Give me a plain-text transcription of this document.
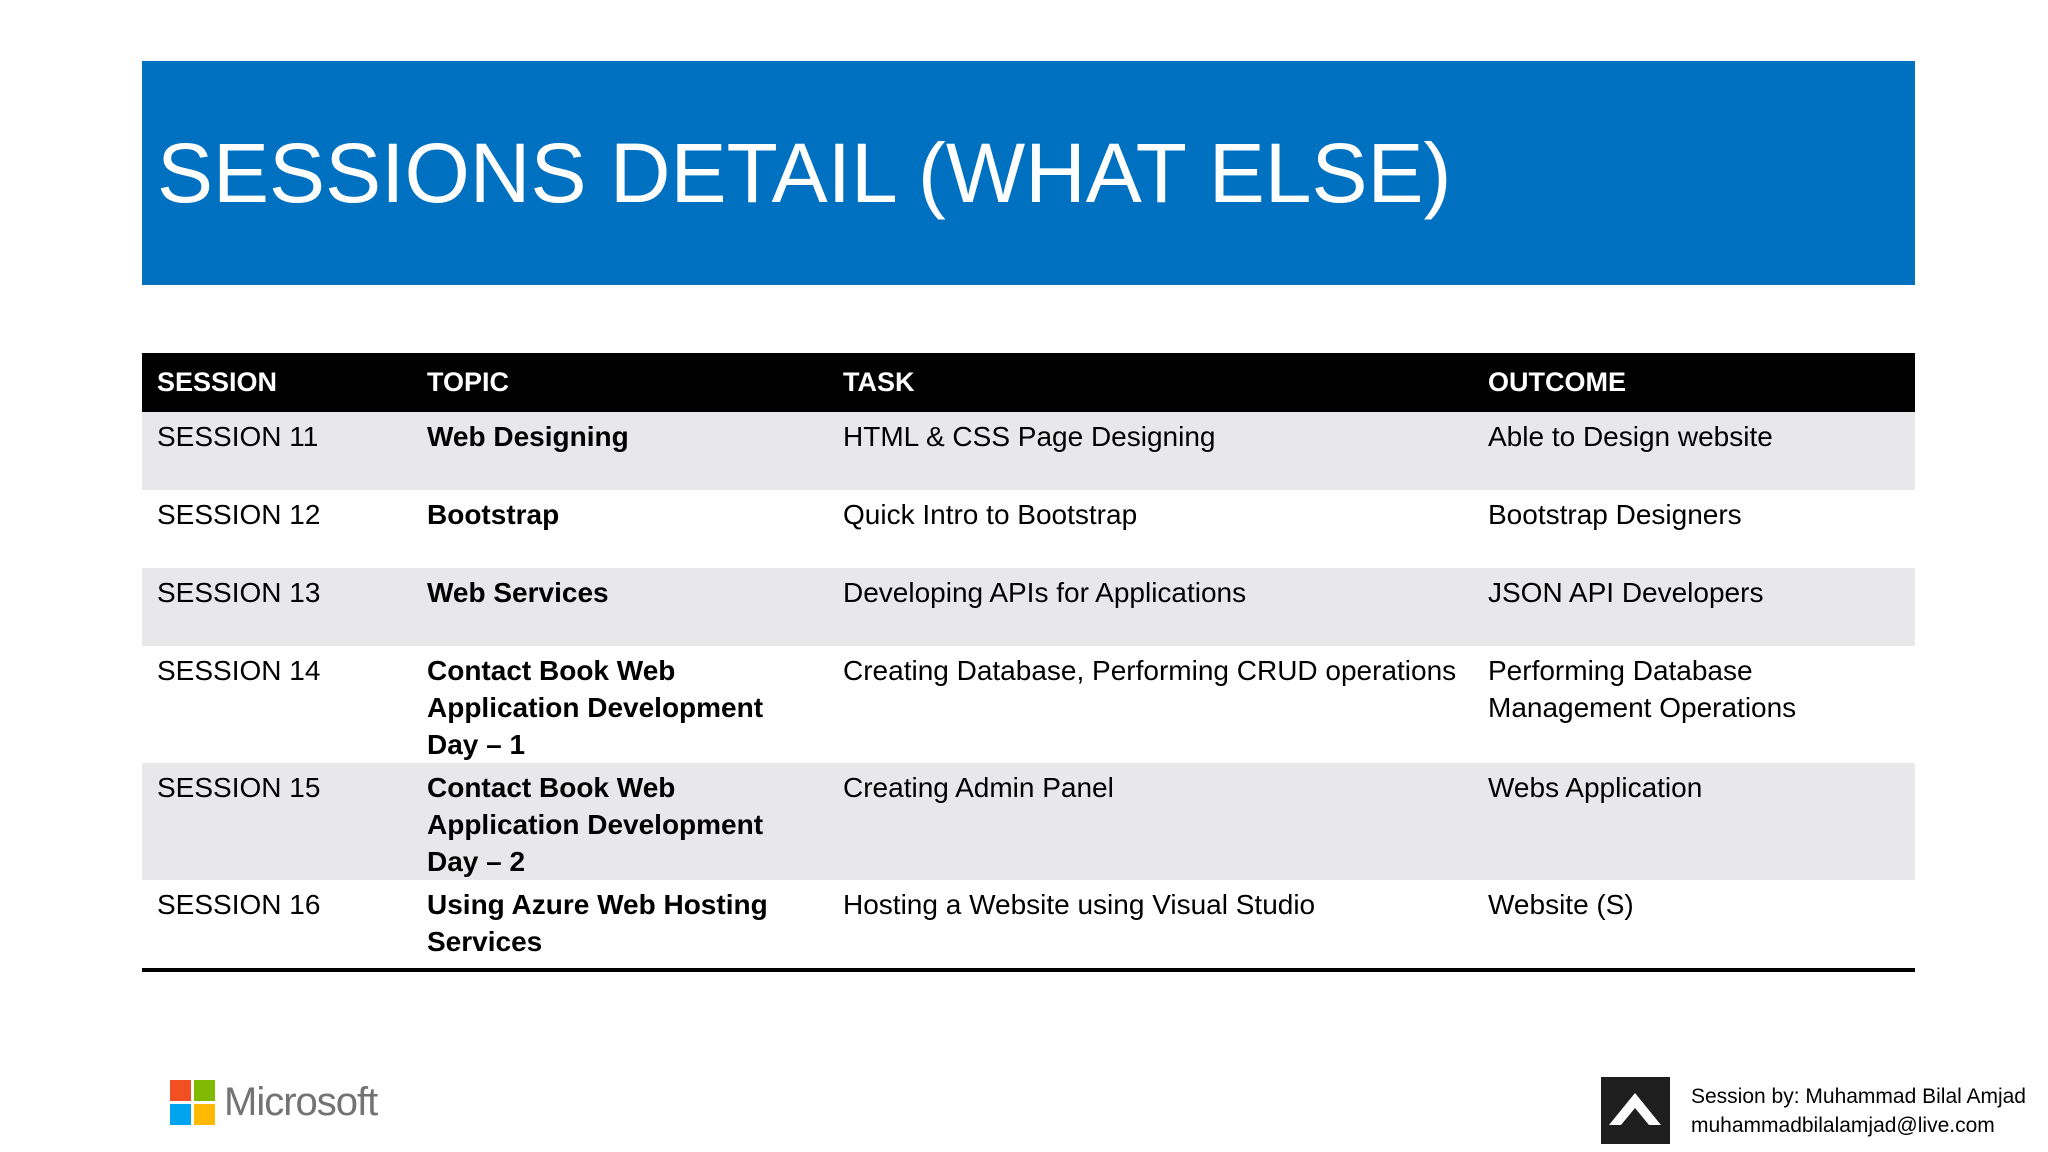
SESSIONS DETAIL (WHAT ELSE)
SESSION	TOPIC	TASK	OUTCOME
SESSION 11	Web Designing	HTML & CSS Page Designing	Able to Design website
SESSION 12	Bootstrap	Quick Intro to Bootstrap	Bootstrap Designers
SESSION 13	Web Services	Developing APIs for Applications	JSON API Developers
SESSION 14	Contact Book Web Application Development Day – 1	Creating Database, Performing CRUD operations	Performing Database Management Operations
SESSION 15	Contact Book Web Application Development Day – 2	Creating Admin Panel	Webs Application
SESSION 16	Using Azure Web Hosting Services	Hosting a Website using Visual Studio	Website (S)
Microsoft	Session by: Muhammad Bilal Amjad
muhammadbilalamjad@live.com
